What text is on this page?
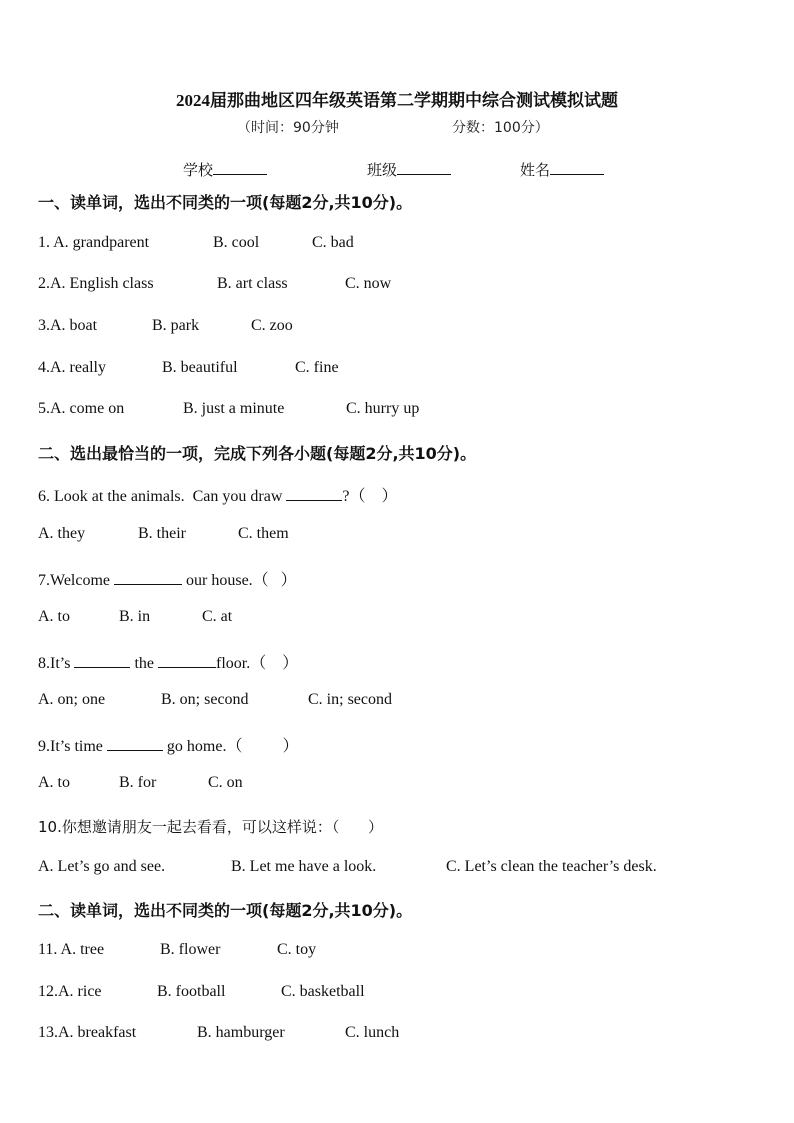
2024届那曲地区四年级英语第二学期期中综合测试模拟试题
（时间：90分钟	分数：100分）
学校	班级	姓名
一、读单词，选出不同类的一项(每题2分,共10分)。
1. A. grandparent	B. cool	C. bad
2.A. English class	B. art class	C. now
3.A. boat	B. park	C. zoo
4.A. really	B. beautiful	C. fine
5.A. come on	B. just a minute	C. hurry up
二、选出最恰当的一项，完成下列各小题(每题2分,共10分)。
6. Look at the animals.  Can you draw	?（    ）
A. they	B. their	C. them
7.Welcome	our house.（   ）
A. to	B. in	C. at
8.It’s	the	floor.（    ）
A. on; one	B. on; second	C. in; second
9.It’s time	go home.（          ）
A. to	B. for	C. on
10.你想邀请朋友一起去看看，可以这样说：（      ）
A. Let’s go and see.	B. Let me have a look.	C. Let’s clean the teacher’s desk.
二、读单词，选出不同类的一项(每题2分,共10分)。
11. A. tree	B. flower	C. toy
12.A. rice	B. football	C. basketball
13.A. breakfast	B. hamburger	C. lunch
